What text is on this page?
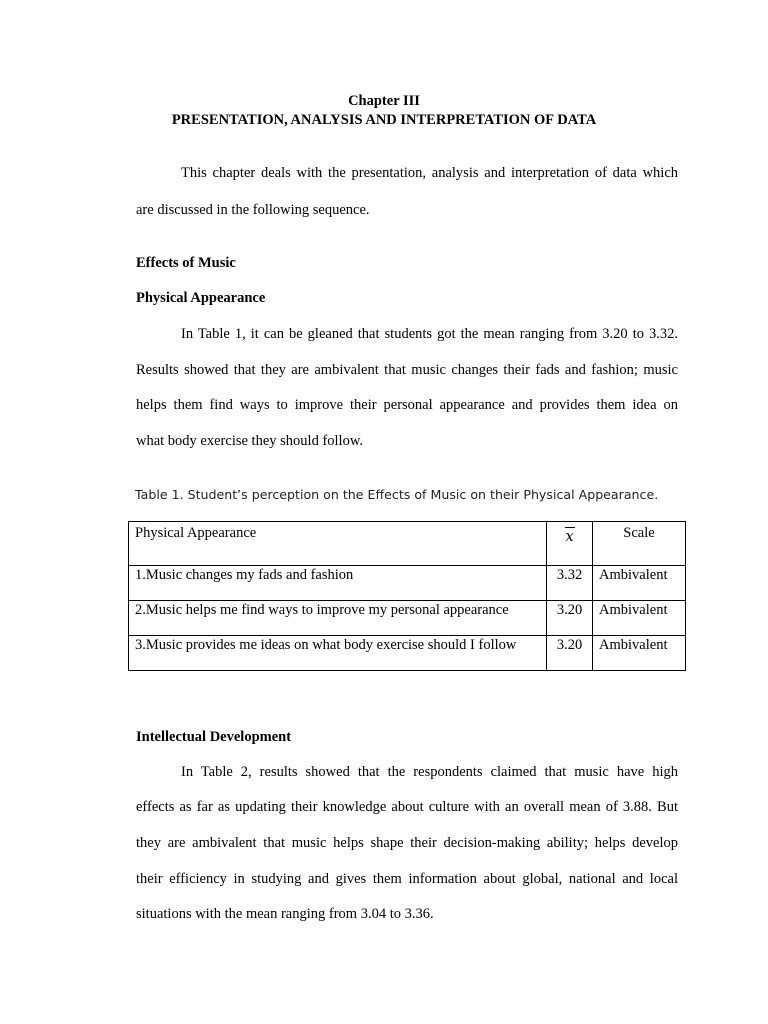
Chapter III
PRESENTATION, ANALYSIS AND INTERPRETATION OF DATA
This chapter deals with the presentation, analysis and interpretation of data which
are discussed in the following sequence.
Effects of Music
Physical Appearance
In Table 1, it can be gleaned that students got the mean ranging from 3.20 to 3.32.
Results showed that they are ambivalent that music changes their fads and fashion; music
helps them find ways to improve their personal appearance and provides them idea on
what body exercise they should follow.
Table 1. Student’s perception on the Effects of Music on their Physical Appearance.
Physical Appearance	x	Scale
1.Music changes my fads and fashion	3.32	Ambivalent
2.Music helps me find ways to improve my personal appearance	3.20	Ambivalent
3.Music provides me ideas on what body exercise should I follow	3.20	Ambivalent
Intellectual Development
In Table 2, results showed that the respondents claimed that music have high
effects as far as updating their knowledge about culture with an overall mean of 3.88. But
they are ambivalent that music helps shape their decision-making ability; helps develop
their efficiency in studying and gives them information about global, national and local
situations with the mean ranging from 3.04 to 3.36.
